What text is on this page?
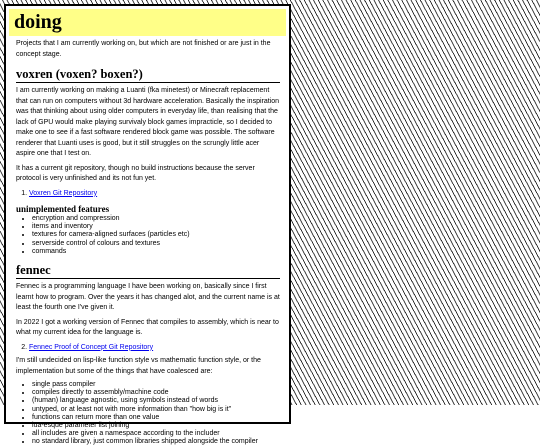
doing

Projects that I am currently working on, but which are not finished or are just in the concept stage.

voxren (voxen? boxen?)

I am currently working on making a Luanti (fka minetest) or Minecraft replacement that can run on computers without 3d hardware acceleration. Basically the inspiration was that thinking about using older computers in everyday life, than realising that the lack of GPU would make playing survivaly block games impracticle, so I decided to make one to see if a fast software rendered block game was possible. The software renderer that Luanti uses is good, but it still struggles on the scrungly little acer aspire one that I test on.

It has a current git repository, though no build instructions because the server protocol is very unfinished and its not fun yet.

1. Voxren Git Repository
unimplemented features
• encryption and compression
• items and inventory
• textures for camera-aligned surfaces (particles etc)
• serverside control of colours and textures
• commands
fennec

Fennec is a programming language I have been working on, basically since I first learnt how to program. Over the years it has changed alot, and the current name is at least the fourth one I've given it.

In 2022 I got a working version of Fennec that compiles to assembly, which is near to what my current idea for the language is.

2. Fennec Proof of Concept Git Repository

I'm still undecided on lisp-like function style vs mathematic function style, or the implementation but some of the things that have coalesced are:

• single pass compiler
• compiles directly to assembly/machine code
• (human) language agnostic, using symbols instead of words
• untyped, or at least not with more information than "how big is it"
• functions can return more than one value
• lua-esque parameter list joining
• all includes are given a namespace according to the includer
• no standard library, just common libraries shipped alongside the compiler
